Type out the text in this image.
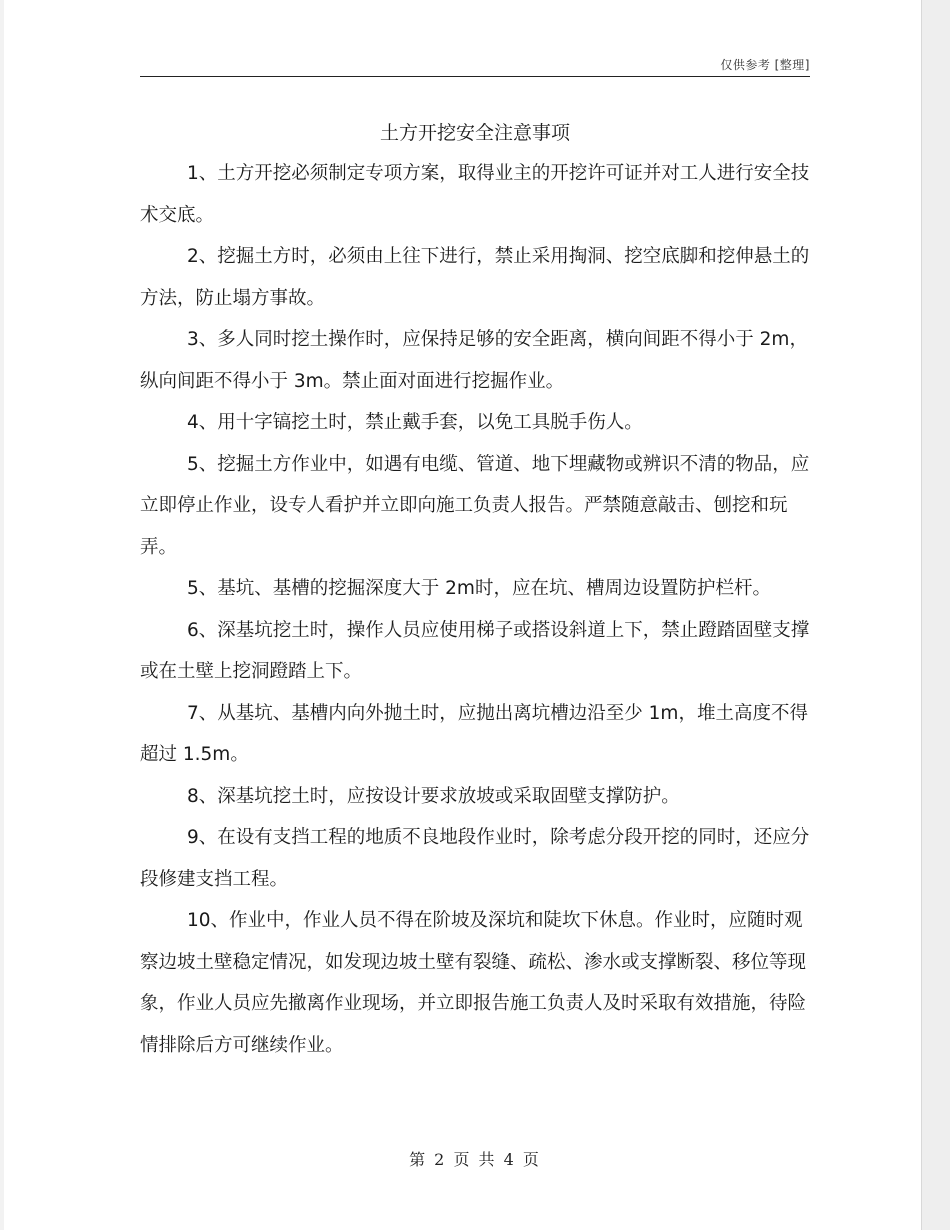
仅供参考 [整理]
土方开挖安全注意事项

1、土方开挖必须制定专项方案，取得业主的开挖许可证并对工人进行安全技术交底。

2、挖掘土方时，必须由上往下进行，禁止采用掏洞、挖空底脚和挖伸悬土的方法，防止塌方事故。

3、多人同时挖土操作时，应保持足够的安全距离，横向间距不得小于 2m，纵向间距不得小于 3m。禁止面对面进行挖掘作业。

4、用十字镐挖土时，禁止戴手套，以免工具脱手伤人。

5、挖掘土方作业中，如遇有电缆、管道、地下埋藏物或辨识不清的物品，应立即停止作业，设专人看护并立即向施工负责人报告。严禁随意敲击、刨挖和玩弄。

5、基坑、基槽的挖掘深度大于 2m时，应在坑、槽周边设置防护栏杆。

6、深基坑挖土时，操作人员应使用梯子或搭设斜道上下，禁止蹬踏固壁支撑或在土壁上挖洞蹬踏上下。

7、从基坑、基槽内向外抛土时，应抛出离坑槽边沿至少 1m，堆土高度不得超过 1.5m。

8、深基坑挖土时，应按设计要求放坡或采取固壁支撑防护。

9、在设有支挡工程的地质不良地段作业时，除考虑分段开挖的同时，还应分段修建支挡工程。

10、作业中，作业人员不得在阶坡及深坑和陡坎下休息。作业时，应随时观察边坡土壁稳定情况，如发现边坡土壁有裂缝、疏松、渗水或支撑断裂、移位等现象，作业人员应先撤离作业现场，并立即报告施工负责人及时采取有效措施，待险情排除后方可继续作业。

第 2 页 共 4 页
